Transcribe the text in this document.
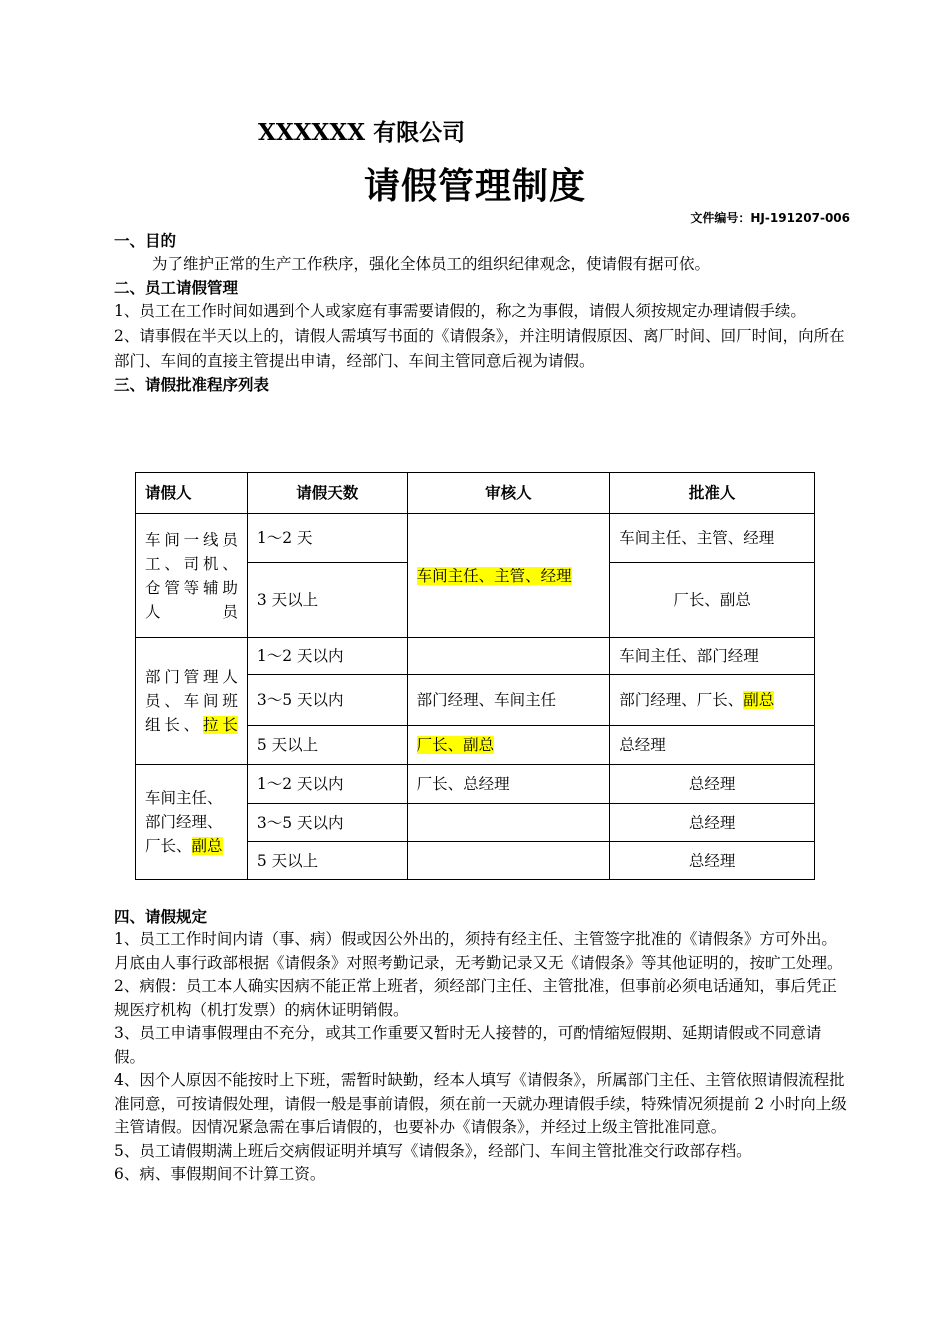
XXXXXX 有限公司
请假管理制度
文件编号：HJ-191207-006
一、目的

为了维护正常的生产工作秩序，强化全体员工的组织纪律观念，使请假有据可依。

二、员工请假管理

1、员工在工作时间如遇到个人或家庭有事需要请假的，称之为事假，请假人须按规定办理请假手续。

2、请事假在半天以上的，请假人需填写书面的《请假条》，并注明请假原因、离厂时间、回厂时间，向所在部门、车间的直接主管提出申请，经部门、车间主管同意后视为请假。

三、请假批准程序列表
请假人	请假天数	审核人	批准人
车间一线员工、司机、仓管等辅助人员	1～2 天	车间主任、主管、经理	车间主任、主管、经理
	3 天以上		厂长、副总
部门管理人员、车间班组长、拉长	1～2 天以内		车间主任、部门经理
	3～5 天以内	部门经理、车间主任	部门经理、厂长、副总
	5 天以上	厂长、副总	总经理
车间主任、部门经理、厂长、副总	1～2 天以内	厂长、总经理	总经理
	3～5 天以内		总经理
	5 天以上		总经理
四、请假规定

1、员工工作时间内请（事、病）假或因公外出的，须持有经主任、主管签字批准的《请假条》方可外出。月底由人事行政部根据《请假条》对照考勤记录，无考勤记录又无《请假条》等其他证明的，按旷工处理。

2、病假：员工本人确实因病不能正常上班者，须经部门主任、主管批准，但事前必须电话通知，事后凭正规医疗机构（机打发票）的病休证明销假。

3、员工申请事假理由不充分，或其工作重要又暂时无人接替的，可酌情缩短假期、延期请假或不同意请假。

4、因个人原因不能按时上下班，需暂时缺勤，经本人填写《请假条》，所属部门主任、主管依照请假流程批准同意，可按请假处理，请假一般是事前请假，须在前一天就办理请假手续，特殊情况须提前 2 小时向上级主管请假。因情况紧急需在事后请假的，也要补办《请假条》，并经过上级主管批准同意。

5、员工请假期满上班后交病假证明并填写《请假条》，经部门、车间主管批准交行政部存档。

6、病、事假期间不计算工资。
